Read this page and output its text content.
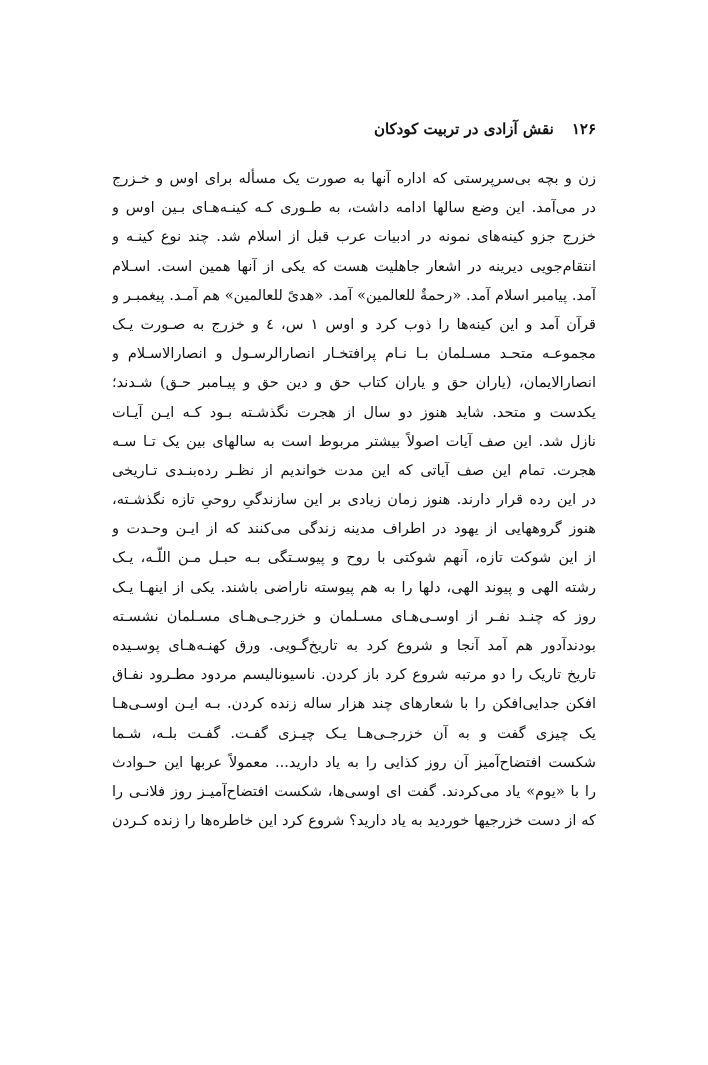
۱۲۶
نقش آزادی در تربیت کودکان
زن و بچه بی‌سرپرستی که اداره آنها به صورت یک مسأله برای اوس و خـزرج
در می‌آمد. این وضع سالها ادامه داشت، به طـوری کـه کینـه‌هـای بـین اوس و
خزرج جزو کینه‌های نمونه در ادبیات عرب قبل از اسلام شد. چند نوع کینـه و
انتقام‌جویی دیرینه در اشعار جاهلیت هست که یکی از آنها همین است. اسـلام
آمد. پیامبر اسلام آمد. «رحمةٌ للعالمین» آمد. «هدیً للعالمین» هم آمـد. پیغمبـر و
قرآن آمد و این کینه‌ها را ذوب کرد و اوس ۱ س، ٤ و خزرج به صـورت یـک
مجموعـه متحـد مسـلمان بـا نـام پرافتخـار انصارالرسـول و انصارالاسـلام و
انصارالایمان، (یاران حق و یاران کتاب حق و دین حق و پیـامبر حـق) شـدند؛
یکدست و متحد. شاید هنوز دو سال از هجرت نگذشـته بـود کـه ایـن آیـات
نازل شد. این صف آیات اصولاً بیشتر مربوط است به سالهای بین یک تـا سـه
هجرت. تمام این صف آیاتی که این مدت خواندیم از نظـر رده‌بنـدی تـاریخی
در این رده قرار دارند. هنوز زمان زیادی بر این سازندگیِ روحیِ تازه نگذشـته،
هنوز گروههایی از یهود در اطراف مدینه زندگی می‌کنند که از ایـن وحـدت و
از این شوکت تازه، آنهم شوکتی با روح و پیوسـتگی بـه حبـل مـن اللّـه، یـک
رشته الهی و پیوند الهی، دلها را به هم پیوسته ناراضی باشند. یکی از اینهـا یـک
روز که چنـد نفـر از اوسـی‌هـای مسـلمان و خزرجـی‌هـای مسـلمان نشسـته
بودند‌آدور هم آمد آنجا و شروع کرد به تاریخ‌گـویی. ورق کهنـه‌هـای پوسـیده
تاریخ تاریک را دو مرتبه شروع کرد باز کردن. ناسیونالیسم مردود مطـرود نفـاق
افکن جدایی‌افکن را با شعارهای چند هزار ساله زنده کردن. بـه ایـن اوسـی‌هـا
یک چیزی گفت و به آن خزرجـی‌هـا یـک چیـزی گفـت. گفـت بلـه، شـما
شکست افتضاح‌آمیز آن روز کذایی را به یاد دارید... معمولاً عربها این حـوادث
را با «یوم» یاد می‌کردند. گفت ای اوسی‌ها، شکست افتضاح‌آمیـز روز فلانـی را
که از دست خزرجیها خوردید به یاد دارید؟ شروع کرد این خاطره‌ها را زنده کـردن
